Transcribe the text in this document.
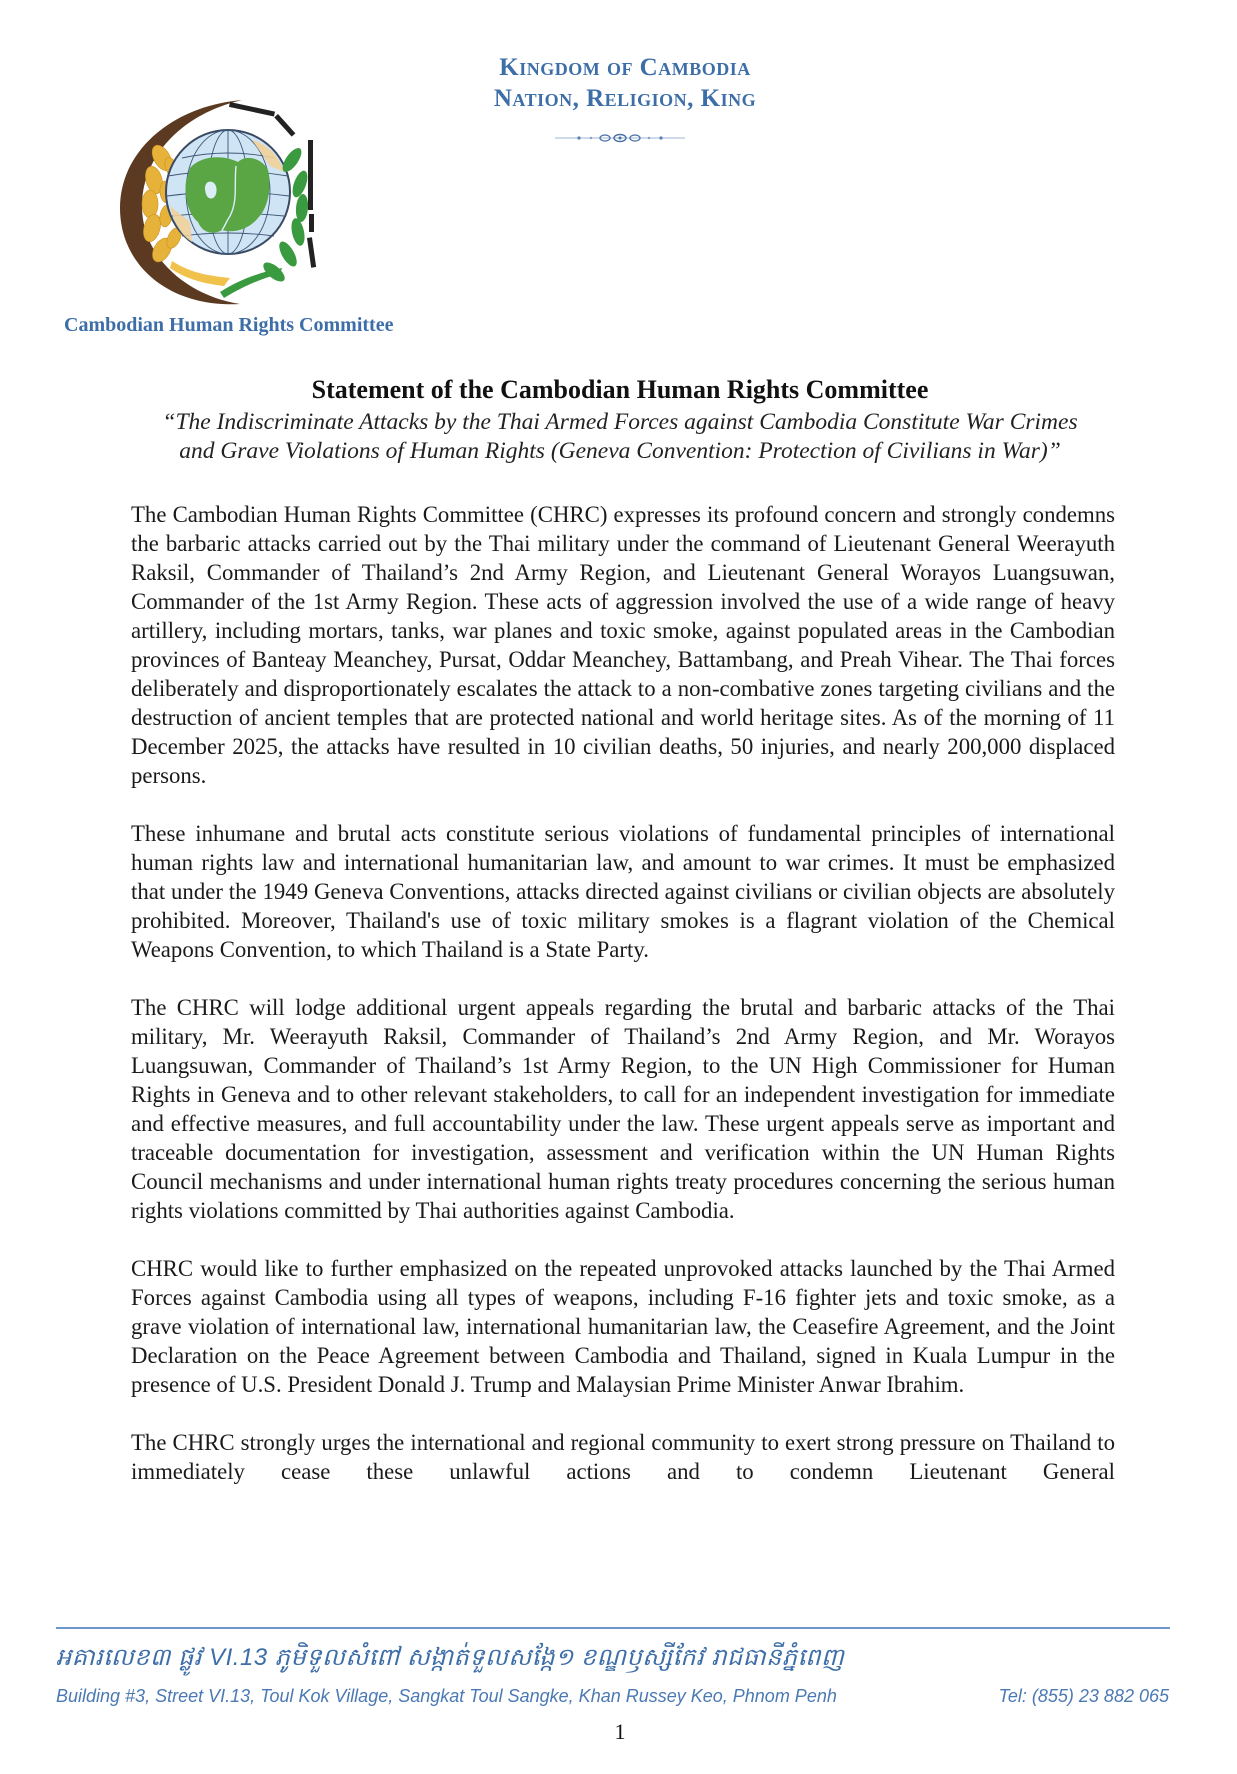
Kingdom of Cambodia
Nation, Religion, King
Cambodian Human Rights Committee
Statement of the Cambodian Human Rights Committee
“The Indiscriminate Attacks by the Thai Armed Forces against Cambodia Constitute War Crimes
and Grave Violations of Human Rights (Geneva Convention: Protection of Civilians in War)”

The Cambodian Human Rights Committee (CHRC) expresses its profound concern and strongly condemns the barbaric attacks carried out by the Thai military under the command of Lieutenant General Weerayuth Raksil, Commander of Thailand’s 2nd Army Region, and Lieutenant General Worayos Luangsuwan, Commander of the 1st Army Region. These acts of aggression involved the use of a wide range of heavy artillery, including mortars, tanks, war planes and toxic smoke, against populated areas in the Cambodian provinces of Banteay Meanchey, Pursat, Oddar Meanchey, Battambang, and Preah Vihear. The Thai forces deliberately and disproportionately escalates the attack to a non-combative zones targeting civilians and the destruction of ancient temples that are protected national and world heritage sites. As of the morning of 11 December 2025, the attacks have resulted in 10 civilian deaths, 50 injuries, and nearly 200,000 displaced persons.

These inhumane and brutal acts constitute serious violations of fundamental principles of international human rights law and international humanitarian law, and amount to war crimes. It must be emphasized that under the 1949 Geneva Conventions, attacks directed against civilians or civilian objects are absolutely prohibited. Moreover, Thailand's use of toxic military smokes is a flagrant violation of the Chemical Weapons Convention, to which Thailand is a State Party.

The CHRC will lodge additional urgent appeals regarding the brutal and barbaric attacks of the Thai military, Mr. Weerayuth Raksil, Commander of Thailand’s 2nd Army Region, and Mr. Worayos Luangsuwan, Commander of Thailand’s 1st Army Region, to the UN High Commissioner for Human Rights in Geneva and to other relevant stakeholders, to call for an independent investigation for immediate and effective measures, and full accountability under the law. These urgent appeals serve as important and traceable documentation for investigation, assessment and verification within the UN Human Rights Council mechanisms and under international human rights treaty procedures concerning the serious human rights violations committed by Thai authorities against Cambodia.

CHRC would like to further emphasized on the repeated unprovoked attacks launched by the Thai Armed Forces against Cambodia using all types of weapons, including F-16 fighter jets and toxic smoke, as a grave violation of international law, international humanitarian law, the Ceasefire Agreement, and the Joint Declaration on the Peace Agreement between Cambodia and Thailand, signed in Kuala Lumpur in the presence of U.S. President Donald J. Trump and Malaysian Prime Minister Anwar Ibrahim.

The CHRC strongly urges the international and regional community to exert strong pressure on Thailand to immediately cease these unlawful actions and to condemn Lieutenant General

អគារលេខ៣ ផ្លូវ VI.13 ភូមិទួលសំពៅ សង្កាត់ទួលសង្កែ១ ខណ្ឌឫស្សីកែវ រាជធានីភ្នំពេញ
Building #3, Street VI.13, Toul Kok Village, Sangkat Toul Sangke, Khan Russey Keo, Phnom Penh	Tel: (855) 23 882 065
1
